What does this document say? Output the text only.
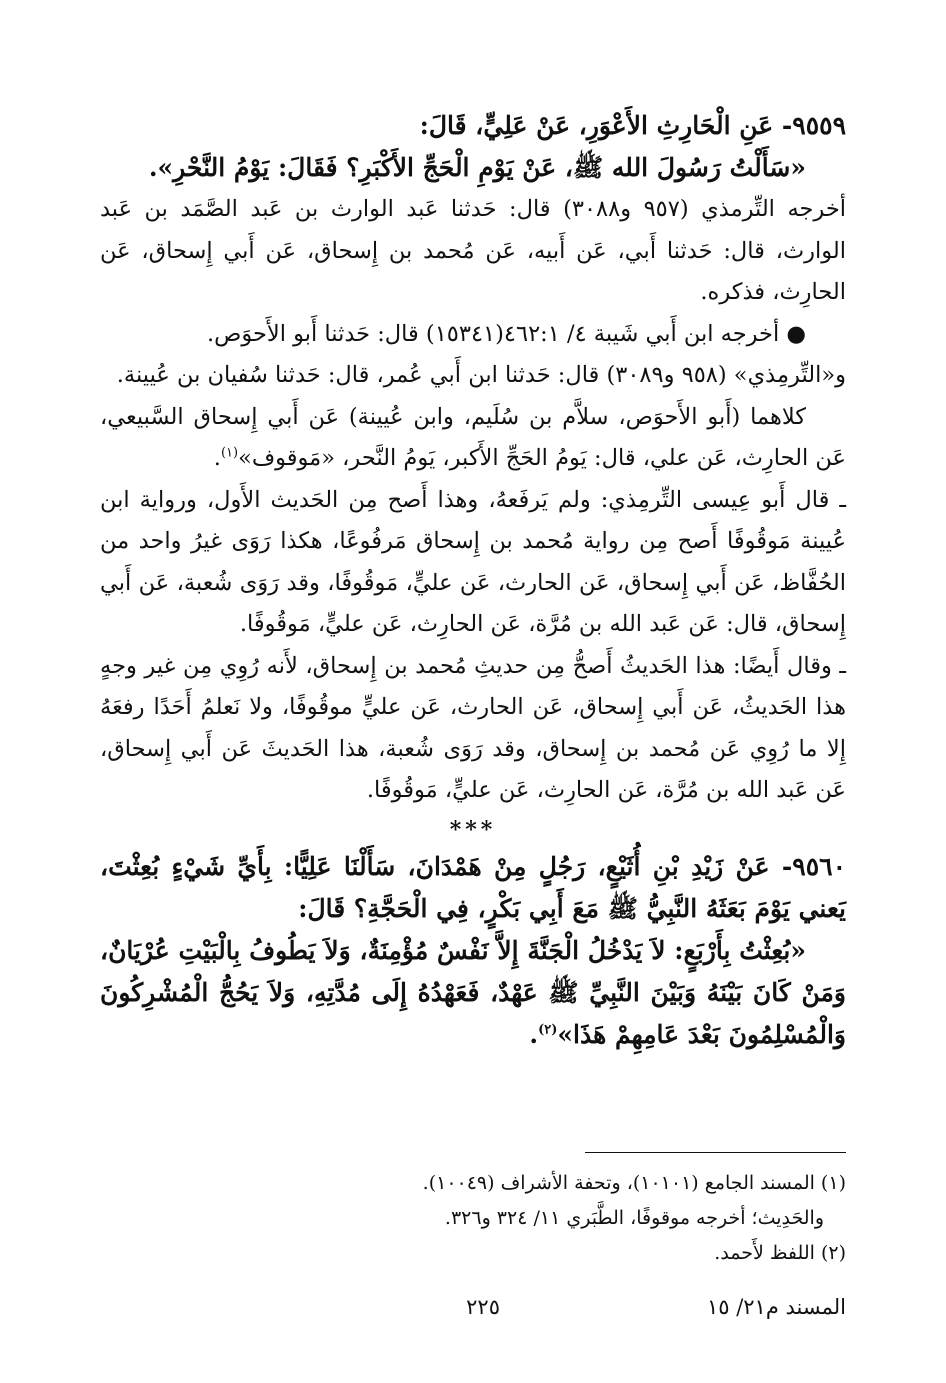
٩٥٥٩- عَنِ الْحَارِثِ الأَعْوَرِ، عَنْ عَلِيٍّ، قَالَ:

«سَأَلْتُ رَسُولَ الله ﷺ، عَنْ يَوْمِ الْحَجِّ الأَكْبَرِ؟ فَقَالَ: يَوْمُ النَّحْرِ».

أخرجه التِّرمذي (٩٥٧ و٣٠٨٨) قال: حَدثنا عَبد الوارث بن عَبد الصَّمَد بن عَبد الوارث، قال: حَدثنا أَبي، عَن أَبيه، عَن مُحمد بن إِسحاق، عَن أَبي إِسحاق، عَن الحارِث، فذكره.

● أخرجه ابن أَبي شَيبة ٤/ ٤٦٢:١(١٥٣٤١) قال: حَدثنا أَبو الأَحوَص.

و«التِّرمِذي» (٩٥٨ و٣٠٨٩) قال: حَدثنا ابن أَبي عُمر، قال: حَدثنا سُفيان بن عُيينة.

كلاهما (أَبو الأَحوَص، سلاَّم بن سُلَيم، وابن عُيينة) عَن أَبي إِسحاق السَّبيعي، عَن الحارِث، عَن علي، قال: يَومُ الحَجِّ الأَكبر، يَومُ النَّحر، «مَوقوف»$^{(١)}$.

ـ قال أَبو عِيسى التِّرمِذي: ولم يَرفَعهُ، وهذا أَصح مِن الحَديث الأَول، ورواية ابن عُيينة مَوقُوفًا أَصح مِن رواية مُحمد بن إِسحاق مَرفُوعًا، هكذا رَوَى غيرُ واحد من الحُفَّاظ، عَن أَبي إِسحاق، عَن الحارث، عَن عليٍّ، مَوقُوفًا، وقد رَوَى شُعبة، عَن أَبي إِسحاق، قال: عَن عَبد الله بن مُرَّة، عَن الحارِث، عَن عليٍّ، مَوقُوفًا.

ـ وقال أَيضًا: هذا الحَديثُ أَصحُّ مِن حديثِ مُحمد بن إِسحاق، لأَنه رُوِي مِن غير وجهٍ هذا الحَديثُ، عَن أَبي إِسحاق، عَن الحارث، عَن عليٍّ موقُوفًا، ولا نَعلمُ أَحَدًا رفعَهُ إِلا ما رُوِي عَن مُحمد بن إِسحاق، وقد رَوَى شُعبة، هذا الحَديثَ عَن أَبي إِسحاق، عَن عَبد الله بن مُرَّة، عَن الحارِث، عَن عليٍّ، مَوقُوفًا.

***

٩٥٦٠- عَنْ زَيْدِ بْنِ أُثَيْعٍ، رَجُلٍ مِنْ هَمْدَانَ، سَأَلْنَا عَلِيًّا: بِأَيِّ شَيْءٍ بُعِثْتَ، يَعني يَوْمَ بَعَثَهُ النَّبِيُّ ﷺ مَعَ أَبِي بَكْرٍ، فِي الْحَجَّةِ؟ قَالَ:

«بُعِثْتُ بِأَرْبَعٍ: لاَ يَدْخُلُ الْجَنَّةَ إِلاَّ نَفْسٌ مُؤْمِنَةٌ، وَلاَ يَطُوفُ بِالْبَيْتِ عُرْيَانٌ، وَمَنْ كَانَ بَيْنَهُ وَبَيْنَ النَّبِيِّ ﷺ عَهْدٌ، فَعَهْدُهُ إِلَى مُدَّتِهِ، وَلاَ يَحُجُّ الْمُشْرِكُونَ وَالْمُسْلِمُونَ بَعْدَ عَامِهِمْ هَذَا»$^{(٢)}$.

(١) المسند الجامع (١٠١٠١)، وتحفة الأشراف (١٠٠٤٩).

والحَدِيث؛ أخرجه موقوفًا، الطَّبَري ١١/ ٣٢٤ و٣٢٦.

(٢) اللفظ لأَحمد.

المسند م٢١/ ١٥
٢٢٥
